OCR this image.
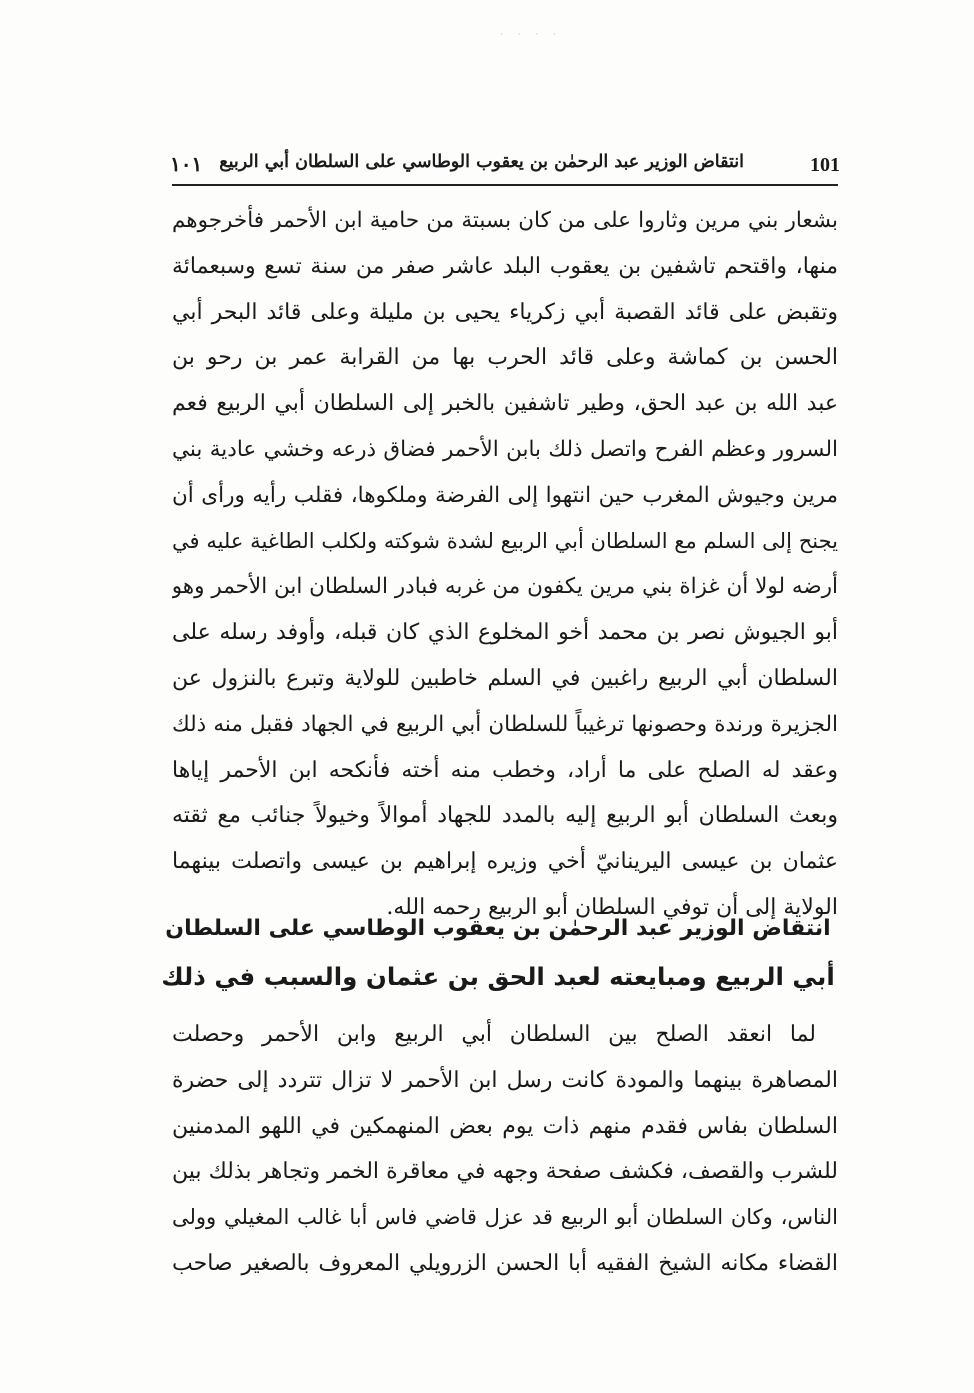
· · · ·
101
انتقاض الوزير عبد الرحمٰن بن يعقوب الوطاسي على السلطان أبي الربيع
١٠١
بشعار بني مرين وثاروا على من كان بسبتة من حامية ابن الأحمر فأخرجوهم
منها، واقتحم تاشفين بن يعقوب البلد عاشر صفر من سنة تسع وسبعمائة
وتقبض على قائد القصبة أبي زكرياء يحيى بن مليلة وعلى قائد البحر أبي
الحسن بن كماشة وعلى قائد الحرب بها من القرابة عمر بن رحو بن
عبد الله بن عبد الحق، وطير تاشفين بالخبر إلى السلطان أبي الربيع فعم
السرور وعظم الفرح واتصل ذلك بابن الأحمر فضاق ذرعه وخشي عادية بني
مرين وجيوش المغرب حين انتهوا إلى الفرضة وملكوها، فقلب رأيه ورأى أن
يجنح إلى السلم مع السلطان أبي الربيع لشدة شوكته ولكلب الطاغية عليه في
أرضه لولا أن غزاة بني مرين يكفون من غربه فبادر السلطان ابن الأحمر وهو
أبو الجيوش نصر بن محمد أخو المخلوع الذي كان قبله، وأوفد رسله على
السلطان أبي الربيع راغبين في السلم خاطبين للولاية وتبرع بالنزول عن
الجزيرة ورندة وحصونها ترغيباً للسلطان أبي الربيع في الجهاد فقبل منه ذلك
وعقد له الصلح على ما أراد، وخطب منه أخته فأنكحه ابن الأحمر إياها
وبعث السلطان أبو الربيع إليه بالمدد للجهاد أموالاً وخيولاً جنائب مع ثقته
عثمان بن عيسى اليرينانيّ أخي وزيره إبراهيم بن عيسى واتصلت بينهما
الولاية إلى أن توفي السلطان أبو الربيع رحمه الله.
انتقاض الوزير عبد الرحمٰن بن يعقوب الوطاسي على السلطان
أبي الربيع ومبايعته لعبد الحق بن عثمان والسبب في ذلك
لما انعقد الصلح بين السلطان أبي الربيع وابن الأحمر وحصلت
المصاهرة بينهما والمودة كانت رسل ابن الأحمر لا تزال تتردد إلى حضرة
السلطان بفاس فقدم منهم ذات يوم بعض المنهمكين في اللهو المدمنين
للشرب والقصف، فكشف صفحة وجهه في معاقرة الخمر وتجاهر بذلك بين
الناس، وكان السلطان أبو الربيع قد عزل قاضي فاس أبا غالب المغيلي وولى
القضاء مكانه الشيخ الفقيه أبا الحسن الزرويلي المعروف بالصغير صاحب
